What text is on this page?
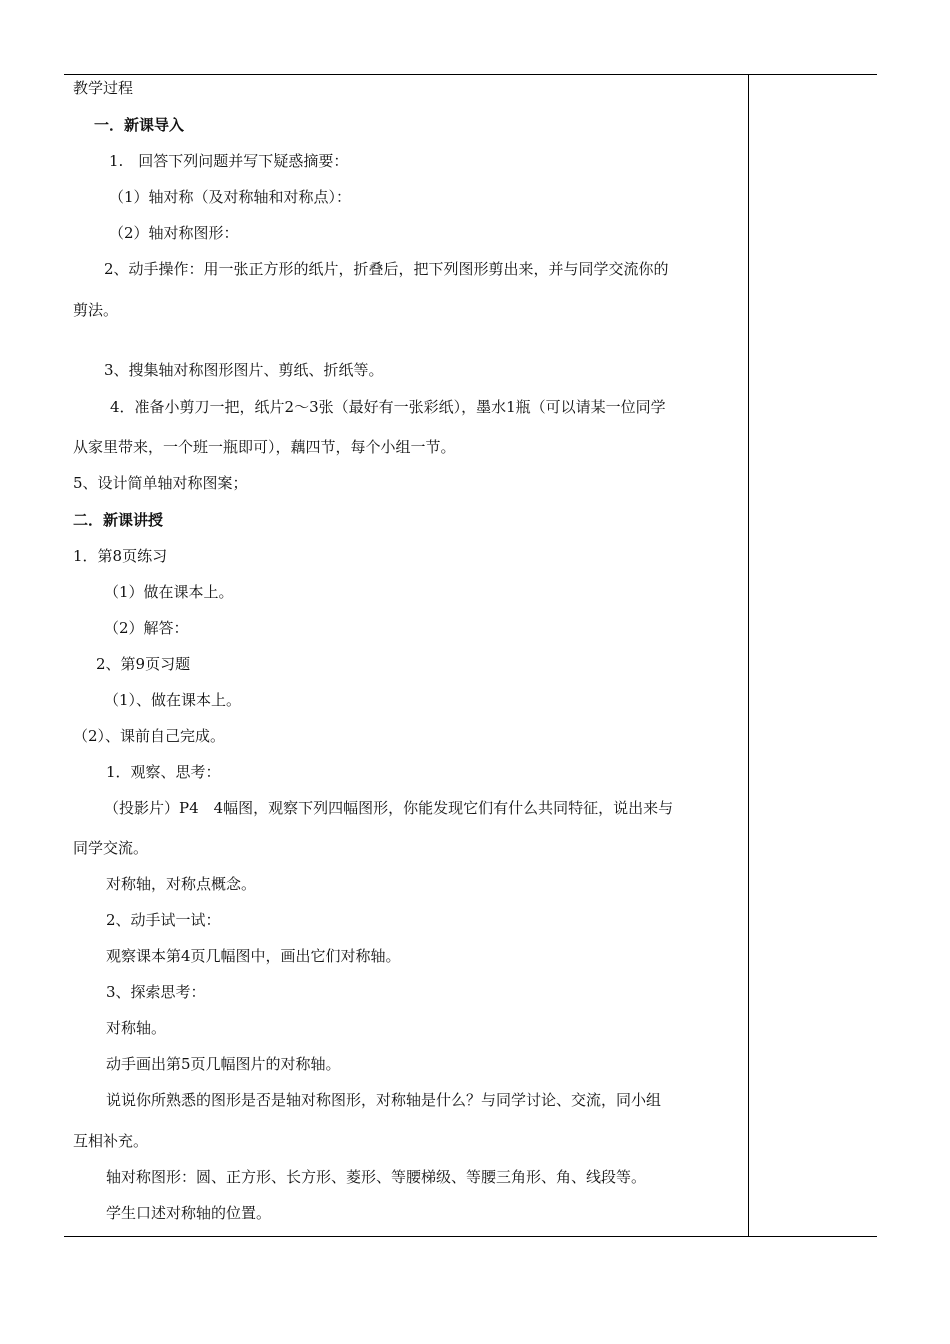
教学过程
一．新课导入
1.　回答下列问题并写下疑惑摘要：
（1）轴对称（及对称轴和对称点）：
（2）轴对称图形：
2、动手操作：用一张正方形的纸片，折叠后，把下列图形剪出来，并与同学交流你的
剪法。
3、搜集轴对称图形图片、剪纸、折纸等。
4．准备小剪刀一把，纸片2～3张（最好有一张彩纸），墨水1瓶（可以请某一位同学
从家里带来，一个班一瓶即可），藕四节，每个小组一节。
5、设计简单轴对称图案；
二．新课讲授
1．第8页练习
（1）做在课本上。
（2）解答：
2、第9页习题
（1）、做在课本上。
（2）、课前自己完成。
1．观察、思考：
（投影片）P4　4幅图，观察下列四幅图形，你能发现它们有什么共同特征，说出来与
同学交流。
对称轴，对称点概念。
2、动手试一试：
观察课本第4页几幅图中，画出它们对称轴。
3、探索思考：
对称轴。
动手画出第5页几幅图片的对称轴。
说说你所熟悉的图形是否是轴对称图形，对称轴是什么？与同学讨论、交流，同小组
互相补充。
轴对称图形：圆、正方形、长方形、菱形、等腰梯级、等腰三角形、角、线段等。
学生口述对称轴的位置。
